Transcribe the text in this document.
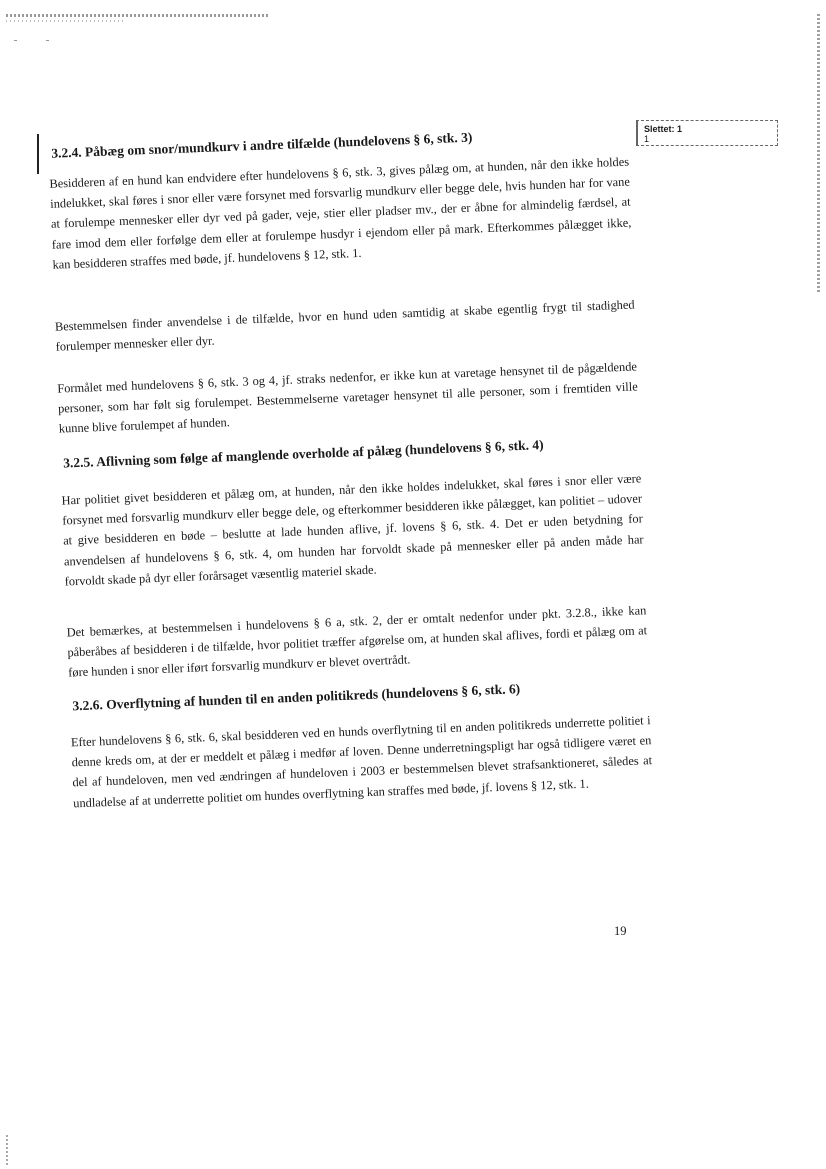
Slettet: 1
1
3.2.4. Påbæg om snor/mundkurv i andre tilfælde (hundelovens § 6, stk. 3)

Besidderen af en hund kan endvidere efter hundelovens § 6, stk. 3, gives pålæg om, at hunden, når den ikke holdes indelukket, skal føres i snor eller være forsynet med forsvarlig mundkurv eller begge dele, hvis hunden har for vane at forulempe mennesker eller dyr ved på gader, veje, stier eller pladser mv., der er åbne for almindelig færdsel, at fare imod dem eller forfølge dem eller at forulempe husdyr i ejendom eller på mark. Efterkommes pålægget ikke, kan besidderen straffes med bøde, jf. hundelovens § 12, stk. 1.

Bestemmelsen finder anvendelse i de tilfælde, hvor en hund uden samtidig at skabe egentlig frygt til stadighed forulemper mennesker eller dyr.

Formålet med hundelovens § 6, stk. 3 og 4, jf. straks nedenfor, er ikke kun at varetage hensynet til de pågældende personer, som har følt sig forulempet. Bestemmelserne varetager hensynet til alle personer, som i fremtiden ville kunne blive forulempet af hunden.

3.2.5. Aflivning som følge af manglende overholde af pålæg (hundelovens § 6, stk. 4)

Har politiet givet besidderen et pålæg om, at hunden, når den ikke holdes indelukket, skal føres i snor eller være forsynet med forsvarlig mundkurv eller begge dele, og efterkommer besidderen ikke pålægget, kan politiet – udover at give besidderen en bøde – beslutte at lade hunden aflive, jf. lovens § 6, stk. 4. Det er uden betydning for anvendelsen af hundelovens § 6, stk. 4, om hunden har forvoldt skade på mennesker eller på anden måde har forvoldt skade på dyr eller forårsaget væsentlig materiel skade.

Det bemærkes, at bestemmelsen i hundelovens § 6 a, stk. 2, der er omtalt nedenfor under pkt. 3.2.8., ikke kan påberåbes af besidderen i de tilfælde, hvor politiet træffer afgørelse om, at hunden skal aflives, fordi et pålæg om at føre hunden i snor eller iført forsvarlig mundkurv er blevet overtrådt.

3.2.6. Overflytning af hunden til en anden politikreds (hundelovens § 6, stk. 6)

Efter hundelovens § 6, stk. 6, skal besidderen ved en hunds overflytning til en anden politikreds underrette politiet i denne kreds om, at der er meddelt et pålæg i medfør af loven. Denne underretningspligt har også tidligere været en del af hundeloven, men ved ændringen af hundeloven i 2003 er bestemmelsen blevet strafsanktioneret, således at undladelse af at underrette politiet om hundes overflytning kan straffes med bøde, jf. lovens § 12, stk. 1.

19
